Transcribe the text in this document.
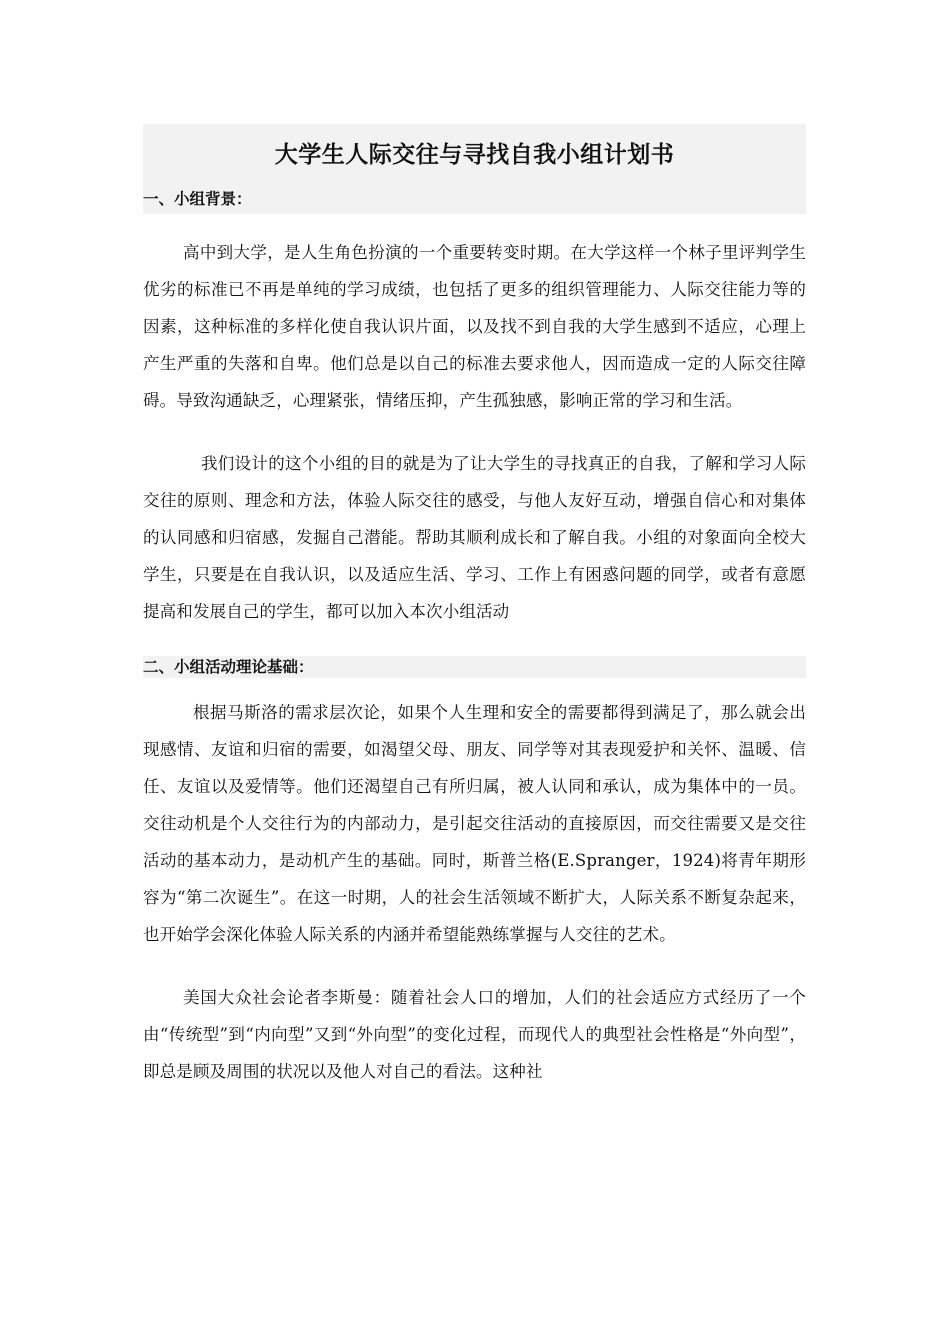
大学生人际交往与寻找自我小组计划书
一、小组背景：

高中到大学，是人生角色扮演的一个重要转变时期。在大学这样一个林子里评判学生优劣的标准已不再是单纯的学习成绩，也包括了更多的组织管理能力、人际交往能力等的因素，这种标准的多样化使自我认识片面，以及找不到自我的大学生感到不适应，心理上产生严重的失落和自卑。他们总是以自己的标准去要求他人，因而造成一定的人际交往障碍。导致沟通缺乏，心理紧张，情绪压抑，产生孤独感，影响正常的学习和生活。

我们设计的这个小组的目的就是为了让大学生的寻找真正的自我，了解和学习人际交往的原则、理念和方法，体验人际交往的感受，与他人友好互动，增强自信心和对集体的认同感和归宿感，发掘自己潜能。帮助其顺利成长和了解自我。小组的对象面向全校大学生，只要是在自我认识，以及适应生活、学习、工作上有困惑问题的同学，或者有意愿提高和发展自己的学生，都可以加入本次小组活动

二、小组活动理论基础：

根据马斯洛的需求层次论，如果个人生理和安全的需要都得到满足了，那么就会出现感情、友谊和归宿的需要，如渴望父母、朋友、同学等对其表现爱护和关怀、温暖、信任、友谊以及爱情等。他们还渴望自己有所归属，被人认同和承认，成为集体中的一员。交往动机是个人交往行为的内部动力，是引起交往活动的直接原因，而交往需要又是交往活动的基本动力，是动机产生的基础。同时，斯普兰格(E.Spranger，1924)将青年期形容为“第二次诞生”。在这一时期，人的社会生活领域不断扩大，人际关系不断复杂起来，也开始学会深化体验人际关系的内涵并希望能熟练掌握与人交往的艺术。

美国大众社会论者李斯曼：随着社会人口的增加，人们的社会适应方式经历了一个由“传统型”到“内向型”又到“外向型”的变化过程，而现代人的典型社会性格是“外向型”，即总是顾及周围的状况以及他人对自己的看法。这种社
